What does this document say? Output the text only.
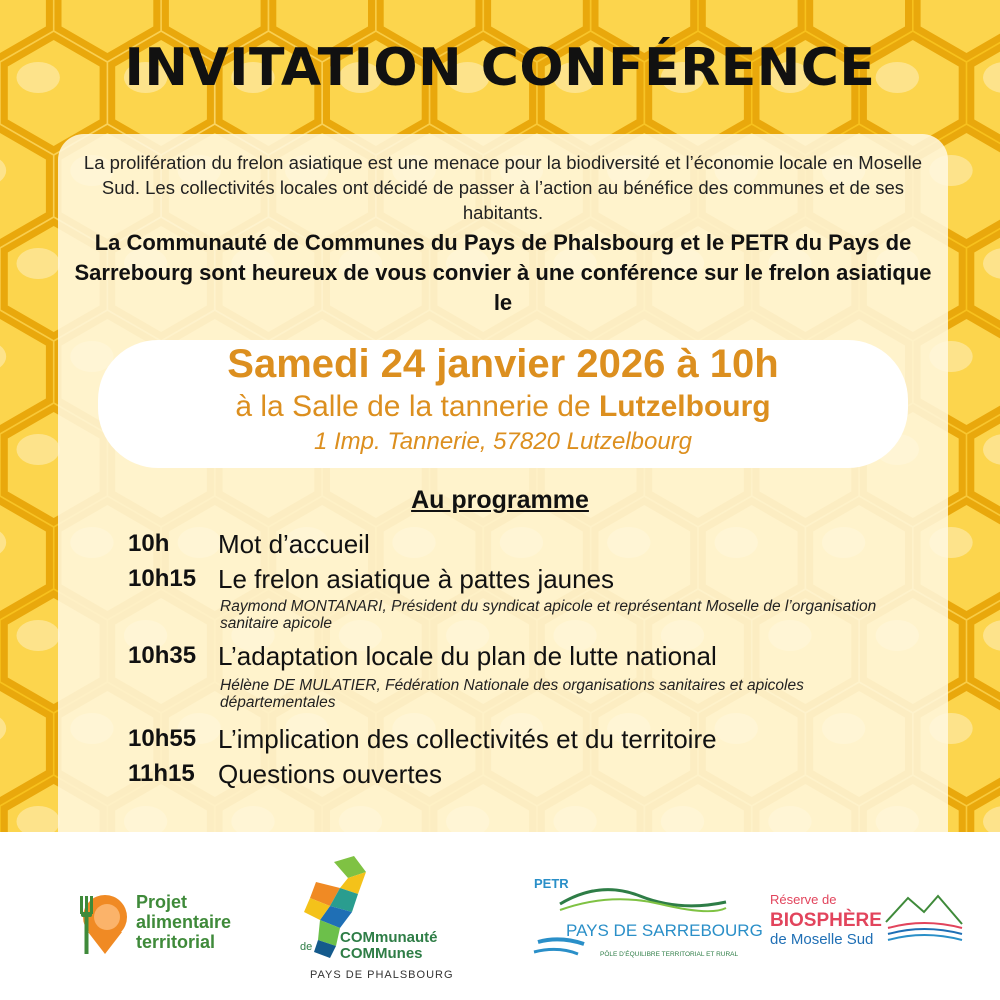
INVITATION CONFÉRENCE
La prolifération du frelon asiatique est une menace pour la biodiversité et l’économie locale en Moselle Sud. Les collectivités locales ont décidé de passer à l’action au bénéfice des communes et de ses habitants.
La Communauté de Communes du Pays de Phalsbourg et le PETR du Pays de Sarrebourg sont heureux de vous convier à une conférence sur le frelon asiatique le
Samedi 24 janvier 2026 à 10h
à la Salle de la tannerie de Lutzelbourg
1 Imp. Tannerie, 57820 Lutzelbourg
Au programme
10h Mot d’accueil
10h15 Le frelon asiatique à pattes jaunes
Raymond MONTANARI, Président du syndicat apicole et représentant Moselle de l’organisation sanitaire apicole
10h35 L’adaptation locale du plan de lutte national
Hélène DE MULATIER, Fédération Nationale des organisations sanitaires et apicoles départementales
10h55 L’implication des collectivités et du territoire
11h15 Questions ouvertes
Projet
alimentaire
territorial	de
COMmunauté
COMMunes
PAYS DE PHALSBOURG
PETR
PAYS DE SARREBOURG
PÔLE D’ÉQUILIBRE TERRITORIAL ET RURAL
Réserve de
BIOSPHÈRE
de Moselle Sud
